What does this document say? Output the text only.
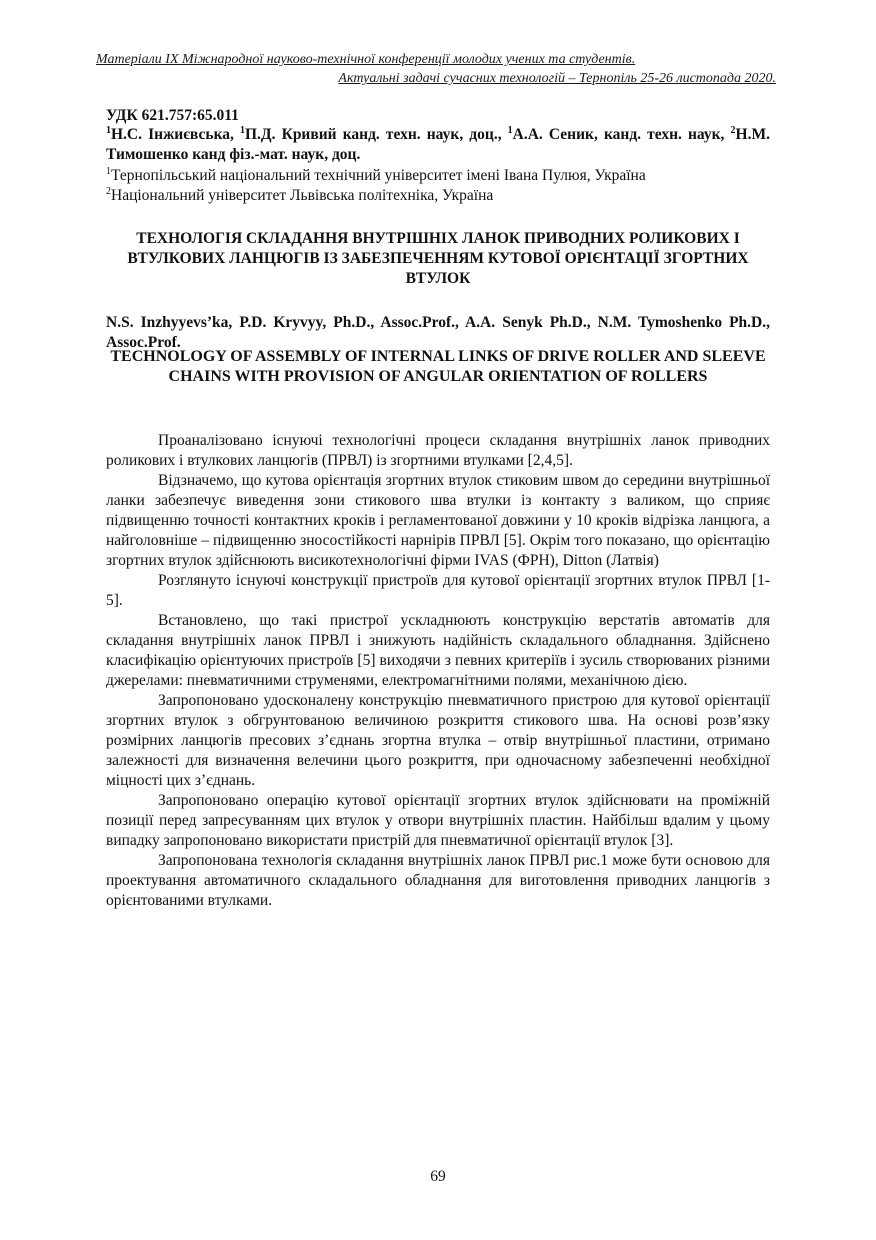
Матеріали IX Міжнародної науково-технічної конференції молодих учених та студентів.
Актуальні задачі сучасних технологій – Тернопіль 25-26 листопада 2020.
УДК 621.757:65.011
$^1$Н.С. Інжиєвська, $^1$П.Д. Кривий канд. техн. наук, доц., $^1$А.А. Сеник, канд. техн. наук, $^2$Н.М. Тимошенко канд фіз.-мат. наук, доц.
$^1$Тернопільський національний технічний університет імені Івана Пулюя, Україна
$^2$Національний університет Львівська політехніка, Україна
ТЕХНОЛОГІЯ СКЛАДАННЯ ВНУТРІШНІХ ЛАНОК ПРИВОДНИХ РОЛИКОВИХ І ВТУЛКОВИХ ЛАНЦЮГІВ ІЗ ЗАБЕЗПЕЧЕННЯМ КУТОВОЇ ОРІЄНТАЦІЇ ЗГОРТНИХ ВТУЛОК
N.S. Inzhyyevs’ka, P.D. Kryvyy, Ph.D., Assoc.Prof., A.A. Senyk Ph.D., N.M. Tymoshenko Ph.D., Assoc.Prof.
TECHNOLOGY OF ASSEMBLY OF INTERNAL LINKS OF DRIVE ROLLER AND SLEEVE CHAINS WITH PROVISION OF ANGULAR ORIENTATION OF ROLLERS

Проаналізовано існуючі технологічні процеси складання внутрішніх ланок приводних роликових і втулкових ланцюгів (ПРВЛ) із згортними втулками [2,4,5].

Відзначемо, що кутова орієнтація згортних втулок стиковим швом до середини внутрішньої ланки забезпечує виведення зони стикового шва втулки із контакту з валиком, що сприяє підвищенню точності контактних кроків і регламентованої довжини у 10 кроків відрізка ланцюга, а найголовніше – підвищенню зносостійкості нарнірів ПРВЛ [5]. Окрім того показано, що орієнтацію згортних втулок здійснюють висикотехнологічні фірми IVAS (ФРН), Ditton (Латвія)

Розглянуто існуючі конструкції пристроїв для кутової орієнтації згортних втулок ПРВЛ [1-5].

Встановлено, що такі пристрої ускладнюють конструкцію верстатів автоматів для складання внутрішніх ланок ПРВЛ і знижують надійність складального обладнання. Здійснено класифікацію орієнтуючих пристроїв [5] виходячи з певних критеріїв і зусиль створюваних різними джерелами: пневматичними струменями, електромагнітними полями, механічною дією.

Запропоновано удосконалену конструкцію пневматичного пристрою для кутової орієнтації згортних втулок з обгрунтованою величиною розкриття стикового шва. На основі розв’язку розмірних ланцюгів пресових з’єднань згортна втулка – отвір внутрішньої пластини, отримано залежності для визначення велечини цього розкриття, при одночасному забезпеченні необхідної міцності цих з’єднань.

Запропоновано операцію кутової орієнтації згортних втулок здійснювати на проміжній позиції перед запресуванням цих втулок у отвори внутрішніх пластин. Найбільш вдалим у цьому випадку запропоновано використати пристрій для пневматичної орієнтації втулок [3].

Запропонована технологія складання внутрішніх ланок ПРВЛ рис.1 може бути основою для проектування автоматичного складального обладнання для виготовлення приводних ланцюгів з орієнтованими втулками.

69
